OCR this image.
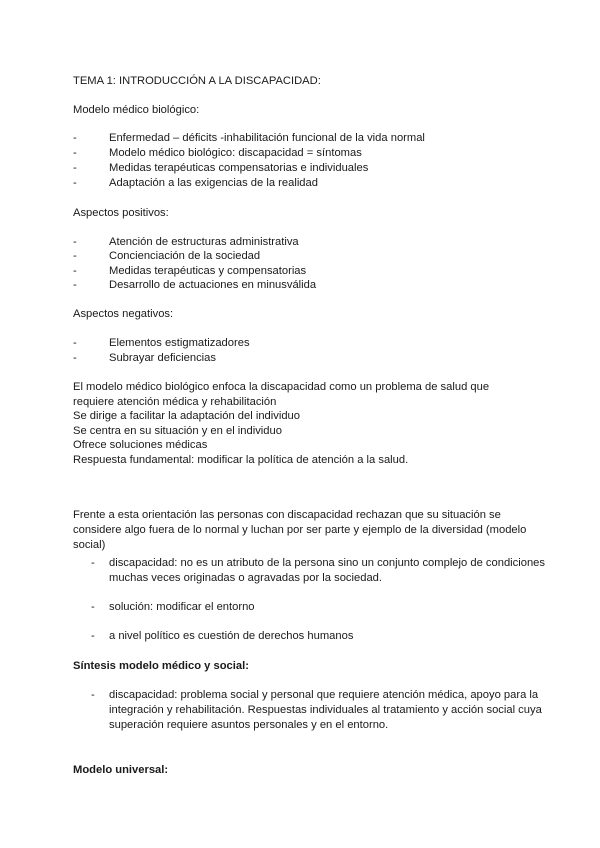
TEMA 1: INTRODUCCIÓN A LA DISCAPACIDAD:

Modelo médico biológico:

-	Enfermedad – déficits -inhabilitación funcional de la vida normal
-	Modelo médico biológico: discapacidad = síntomas
-	Medidas terapéuticas compensatorias e individuales
-	Adaptación a las exigencias de la realidad

Aspectos positivos:

-	Atención de estructuras administrativa
-	Concienciación de la sociedad
-	Medidas terapéuticas y compensatorias
-	Desarrollo de actuaciones en minusválida

Aspectos negativos:

-	Elementos estigmatizadores
-	Subrayar deficiencias

El modelo médico biológico enfoca la discapacidad como un problema de salud que

requiere atención médica y rehabilitación

Se dirige a facilitar la adaptación del individuo

Se centra en su situación y en el individuo

Ofrece soluciones médicas

Respuesta fundamental: modificar la política de atención a la salud.

Frente a esta orientación las personas con discapacidad rechazan que su situación se considere algo fuera de lo normal y luchan por ser parte y ejemplo de la diversidad (modelo social)

- discapacidad: no es un atributo de la persona sino un conjunto complejo de condiciones muchas veces originadas o agravadas por la sociedad.
- solución: modificar el entorno
- a nivel político es cuestión de derechos humanos

Síntesis modelo médico y social:

- discapacidad: problema social y personal que requiere atención médica, apoyo para la integración y rehabilitación. Respuestas individuales al tratamiento y acción social cuya superación requiere asuntos personales y en el entorno.

Modelo universal:
